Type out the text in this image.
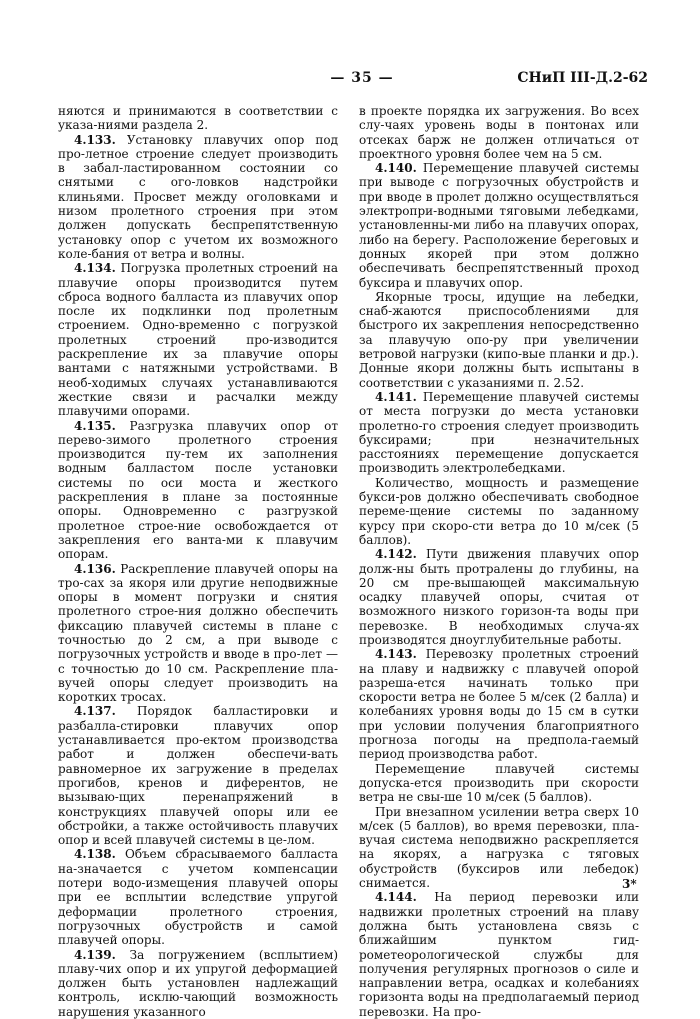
— 35 —	СНиП III-Д.2-62

няются и принимаются в соответствии с указа-ниями раздела 2.

4.133. Установку плавучих опор под про-летное строение следует производить в забал-ластированном состоянии со снятыми с ого-ловков надстройки клиньями. Просвет между оголовками и низом пролетного строения при этом должен допускать беспрепятственную установку опор с учетом их возможного коле-бания от ветра и волны.

4.134. Погрузка пролетных строений на плавучие опоры производится путем сброса водного балласта из плавучих опор после их подклинки под пролетным строением. Одно-временно с погрузкой пролетных строений про-изводится раскрепление их за плавучие опоры вантами с натяжными устройствами. В необ-ходимых случаях устанавливаются жесткие связи и расчалки между плавучими опорами.

4.135. Разгрузка плавучих опор от перево-зимого пролетного строения производится пу-тем их заполнения водным балластом после установки системы по оси моста и жесткого раскрепления в плане за постоянные опоры. Одновременно с разгрузкой пролетное строе-ние освобождается от закрепления его ванта-ми к плавучим опорам.

4.136. Раскрепление плавучей опоры на тро-сах за якоря или другие неподвижные опоры в момент погрузки и снятия пролетного строе-ния должно обеспечить фиксацию плавучей системы в плане с точностью до 2 см, а при выводе с погрузочных устройств и вводе в про-лет — с точностью до 10 см. Раскрепление пла-вучей опоры следует производить на коротких тросах.

4.137. Порядок балластировки и разбалла-стировки плавучих опор устанавливается про-ектом производства работ и должен обеспечи-вать равномерное их загружение в пределах прогибов, кренов и диферентов, не вызываю-щих перенапряжений в конструкциях плавучей опоры или ее обстройки, а также остойчивость плавучих опор и всей плавучей системы в це-лом.

4.138. Объем сбрасываемого балласта на-значается с учетом компенсации потери водо-измещения плавучей опоры при ее всплытии вследствие упругой деформации пролетного строения, погрузочных обустройств и самой плавучей опоры.

4.139. За погружением (всплытием) плаву-чих опор и их упругой деформацией должен быть установлен надлежащий контроль, исклю-чающий возможность нарушения указанного

в проекте порядка их загружения. Во всех слу-чаях уровень воды в понтонах или отсеках барж не должен отличаться от проектного уровня более чем на 5 см.

4.140. Перемещение плавучей системы при выводе с погрузочных обустройств и при вводе в пролет должно осуществляться электропри-водными тяговыми лебедками, установленны-ми либо на плавучих опорах, либо на берегу. Расположение береговых и донных якорей при этом должно обеспечивать беспрепятственный проход буксира и плавучих опор.

Якорные тросы, идущие на лебедки, снаб-жаются приспособлениями для быстрого их закрепления непосредственно за плавучую опо-ру при увеличении ветровой нагрузки (кипо-вые планки и др.). Донные якори должны быть испытаны в соответствии с указаниями п. 2.52.

4.141. Перемещение плавучей системы от места погрузки до места установки пролетно-го строения следует производить буксирами; при незначительных расстояниях перемещение допускается производить электролебедками.

Количество, мощность и размещение букси-ров должно обеспечивать свободное переме-щение системы по заданному курсу при скоро-сти ветра до 10 м/сек (5 баллов).

4.142. Пути движения плавучих опор долж-ны быть протралены до глубины, на 20 см пре-вышающей максимальную осадку плавучей опоры, считая от возможного низкого горизон-та воды при перевозке. В необходимых случа-ях производятся дноуглубительные работы.

4.143. Перевозку пролетных строений на плаву и надвижку с плавучей опорой разреша-ется начинать только при скорости ветра не более 5 м/сек (2 балла) и колебаниях уровня воды до 15 см в сутки при условии получения благоприятного прогноза погоды на предпола-гаемый период производства работ.

Перемещение плавучей системы допуска-ется производить при скорости ветра не свы-ше 10 м/сек (5 баллов).

При внезапном усилении ветра сверх 10 м/сек (5 баллов), во время перевозки, пла-вучая система неподвижно раскрепляется на якорях, а нагрузка с тяговых обустройств (буксиров или лебедок) снимается.

4.144. На период перевозки или надвижки пролетных строений на плаву должна быть установлена связь с ближайшим пунктом гид-рометеорологической службы для получения регулярных прогнозов о силе и направлении ветра, осадках и колебаниях горизонта воды на предполагаемый период перевозки. На про-

3*
